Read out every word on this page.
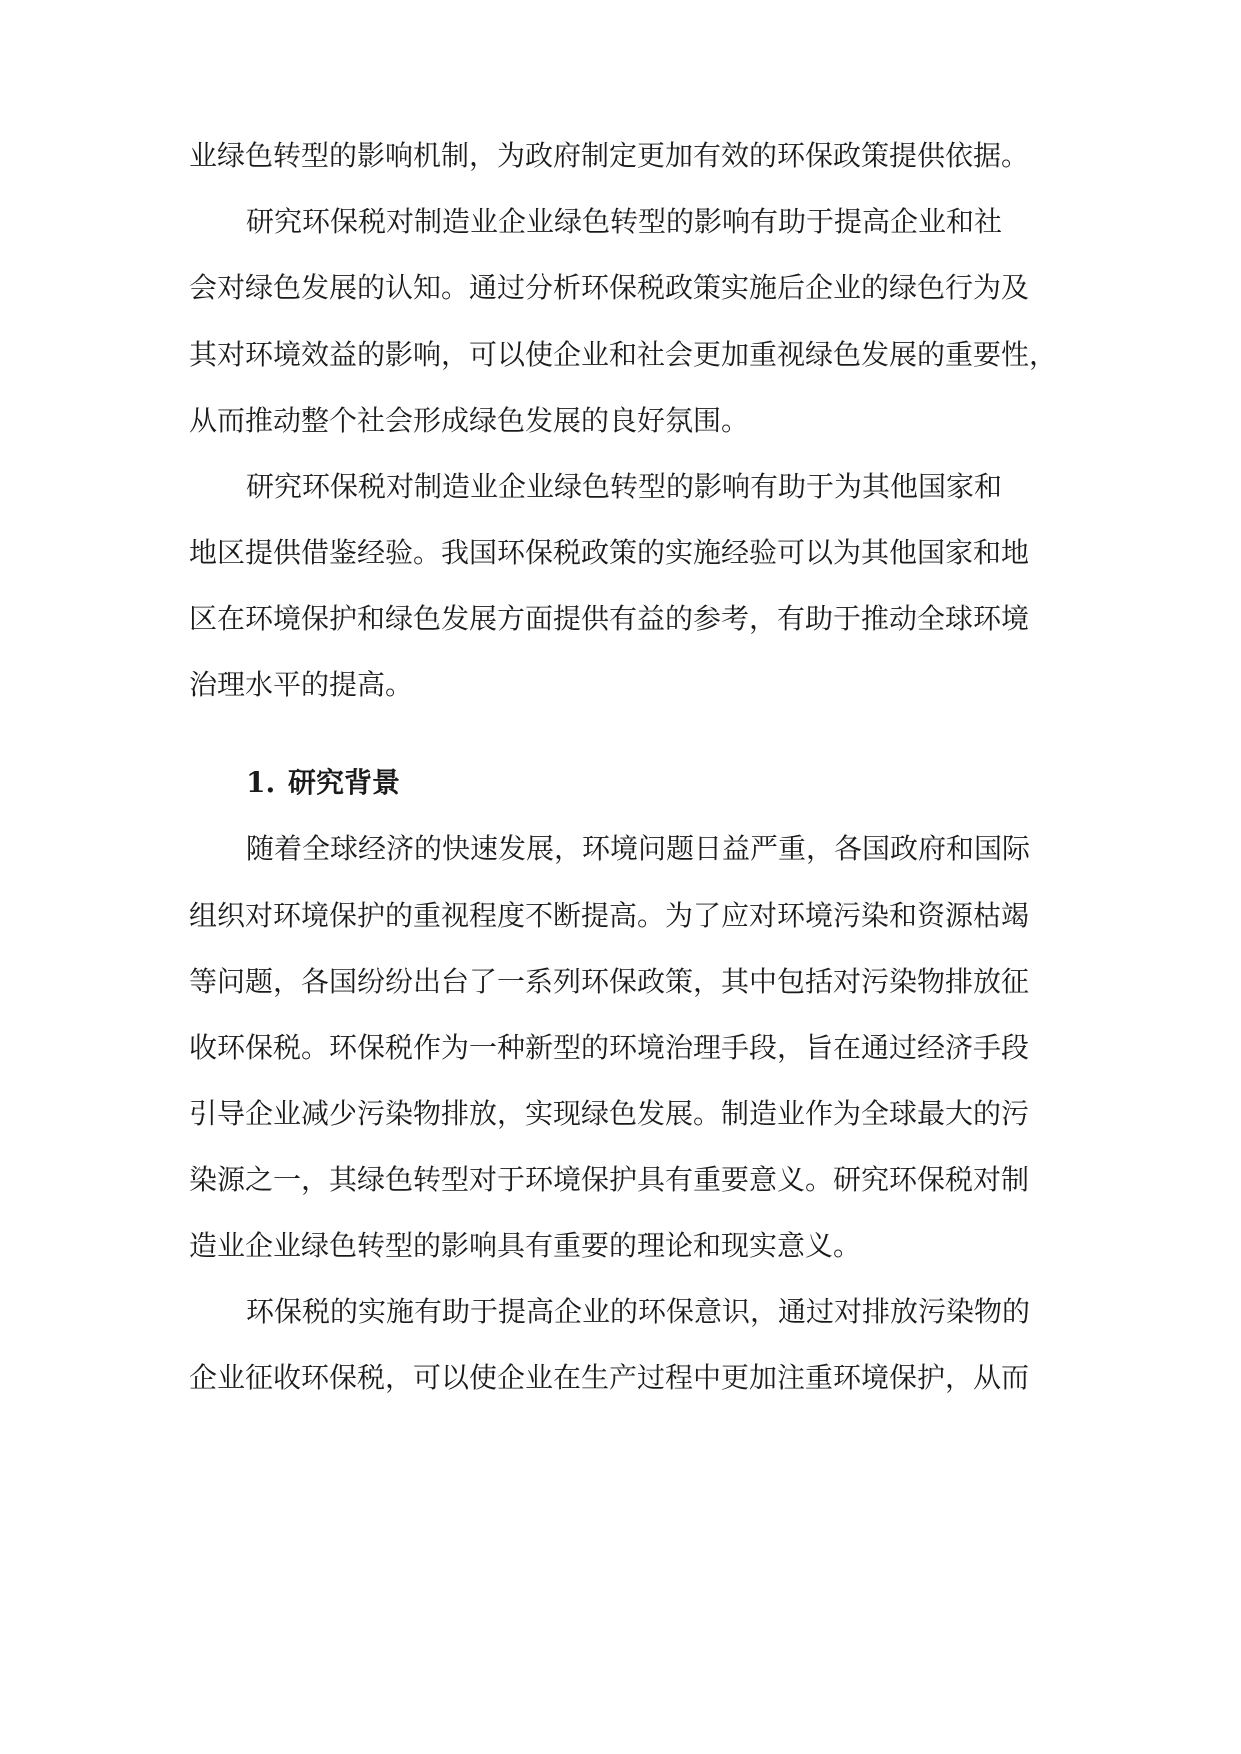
业绿色转型的影响机制，为政府制定更加有效的环保政策提供依据。
研究环保税对制造业企业绿色转型的影响有助于提高企业和社
会对绿色发展的认知。通过分析环保税政策实施后企业的绿色行为及
其对环境效益的影响，可以使企业和社会更加重视绿色发展的重要性，
从而推动整个社会形成绿色发展的良好氛围。
研究环保税对制造业企业绿色转型的影响有助于为其他国家和
地区提供借鉴经验。我国环保税政策的实施经验可以为其他国家和地
区在环境保护和绿色发展方面提供有益的参考，有助于推动全球环境
治理水平的提高。
1. 研究背景
随着全球经济的快速发展，环境问题日益严重，各国政府和国际
组织对环境保护的重视程度不断提高。为了应对环境污染和资源枯竭
等问题，各国纷纷出台了一系列环保政策，其中包括对污染物排放征
收环保税。环保税作为一种新型的环境治理手段，旨在通过经济手段
引导企业减少污染物排放，实现绿色发展。制造业作为全球最大的污
染源之一，其绿色转型对于环境保护具有重要意义。研究环保税对制
造业企业绿色转型的影响具有重要的理论和现实意义。
环保税的实施有助于提高企业的环保意识，通过对排放污染物的
企业征收环保税，可以使企业在生产过程中更加注重环境保护，从而
